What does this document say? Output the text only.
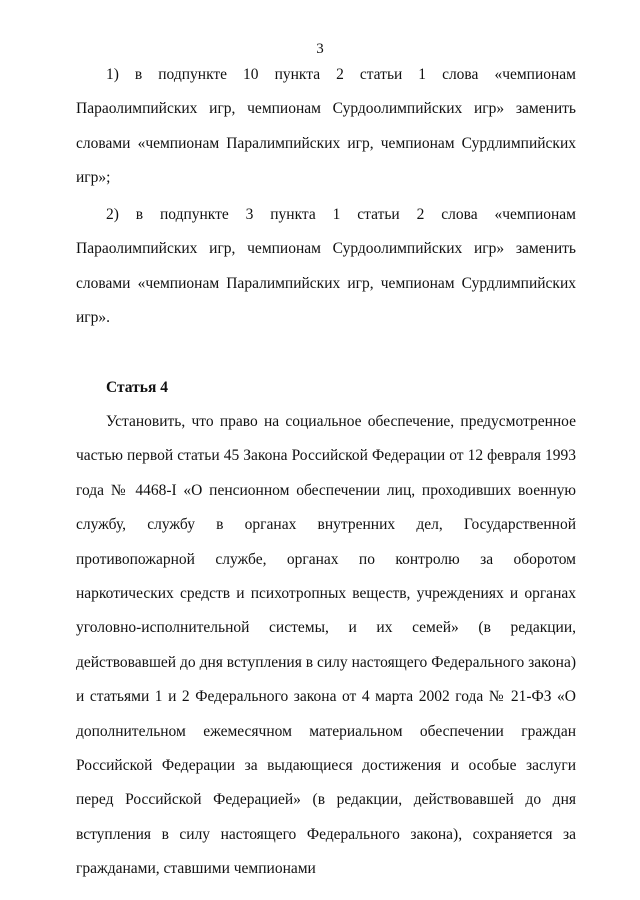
3

1) в подпункте 10 пункта 2 статьи 1 слова «чемпионам Параолимпийских игр, чемпионам Сурдоолимпийских игр» заменить словами «чемпионам Паралимпийских игр, чемпионам Сурдлимпийских игр»;

2) в подпункте 3 пункта 1 статьи 2 слова «чемпионам Параолимпийских игр, чемпионам Сурдоолимпийских игр» заменить словами «чемпионам Паралимпийских игр, чемпионам Сурдлимпийских игр».

Статья 4

Установить, что право на социальное обеспечение, предусмотренное частью первой статьи 45 Закона Российской Федерации от 12 февраля 1993 года № 4468-I «О пенсионном обеспечении лиц, проходивших военную службу, службу в органах внутренних дел, Государственной противопожарной службе, органах по контролю за оборотом наркотических средств и психотропных веществ, учреждениях и органах уголовно-исполнительной системы, и их семей» (в редакции, действовавшей до дня вступления в силу настоящего Федерального закона) и статьями 1 и 2 Федерального закона от 4 марта 2002 года № 21-ФЗ «О дополнительном ежемесячном материальном обеспечении граждан Российской Федерации за выдающиеся достижения и особые заслуги перед Российской Федерацией» (в редакции, действовавшей до дня вступления в силу настоящего Федерального закона), сохраняется за гражданами, ставшими чемпионами
